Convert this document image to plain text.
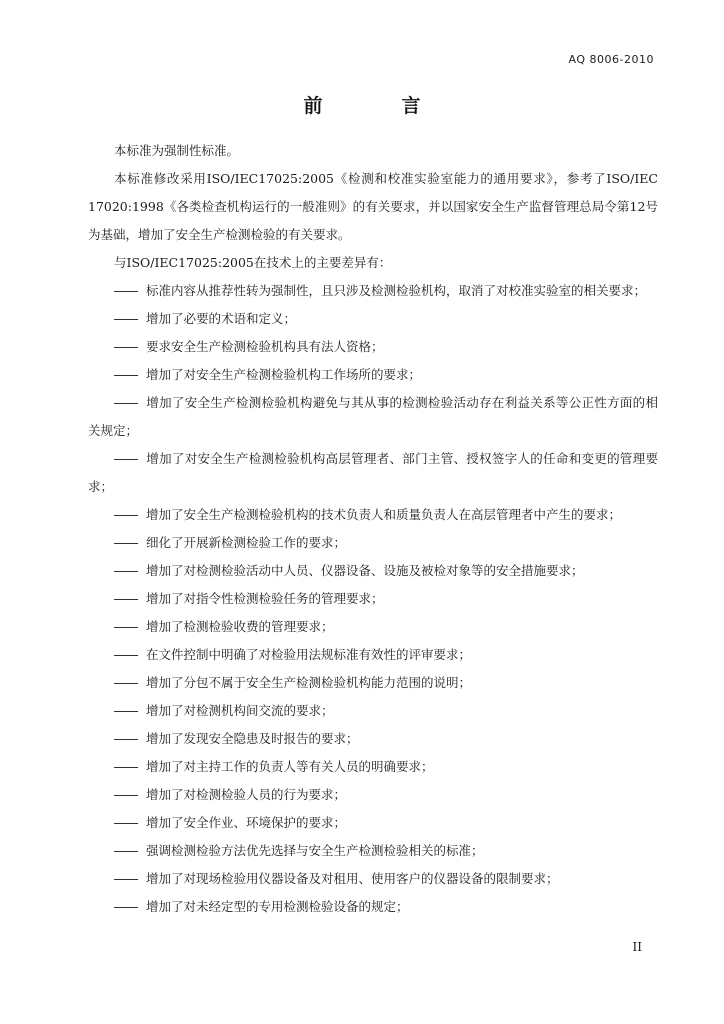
AQ 8006-2010
前　言

本标准为强制性标准。

本标准修改采用ISO/IEC17025:2005《检测和校准实验室能力的通用要求》，参考了ISO/IEC 17020:1998《各类检查机构运行的一般准则》的有关要求，并以国家安全生产监督管理总局令第12号为基础，增加了安全生产检测检验的有关要求。

与ISO/IEC17025:2005在技术上的主要差异有：

标准内容从推荐性转为强制性，且只涉及检测检验机构，取消了对校准实验室的相关要求；

增加了必要的术语和定义；

要求安全生产检测检验机构具有法人资格；

增加了对安全生产检测检验机构工作场所的要求；

增加了安全生产检测检验机构避免与其从事的检测检验活动存在利益关系等公正性方面的相关规定；

增加了对安全生产检测检验机构高层管理者、部门主管、授权签字人的任命和变更的管理要求；

增加了安全生产检测检验机构的技术负责人和质量负责人在高层管理者中产生的要求；

细化了开展新检测检验工作的要求；

增加了对检测检验活动中人员、仪器设备、设施及被检对象等的安全措施要求；

增加了对指令性检测检验任务的管理要求；

增加了检测检验收费的管理要求；

在文件控制中明确了对检验用法规标准有效性的评审要求；

增加了分包不属于安全生产检测检验机构能力范围的说明；

增加了对检测机构间交流的要求；

增加了发现安全隐患及时报告的要求；

增加了对主持工作的负责人等有关人员的明确要求；

增加了对检测检验人员的行为要求；

增加了安全作业、环境保护的要求；

强调检测检验方法优先选择与安全生产检测检验相关的标准；

增加了对现场检验用仪器设备及对租用、使用客户的仪器设备的限制要求；

增加了对未经定型的专用检测检验设备的规定；

II
